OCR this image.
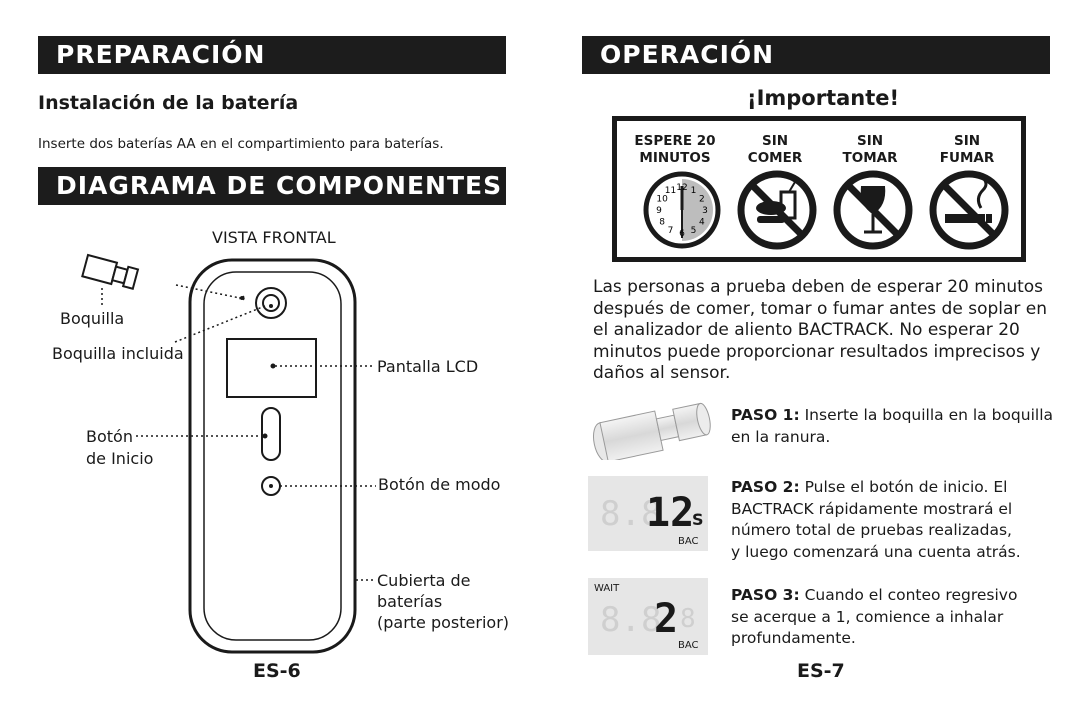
PREPARACIÓN
Instalación de la batería
Inserte dos baterías AA en el compartimiento para baterías.
DIAGRAMA DE COMPONENTES
VISTA FRONTAL
Boquilla
Boquilla incluida
Pantalla LCD
Botón
de Inicio
Botón de modo
Cubierta de
baterías
(parte posterior)
ES-6
OPERACIÓN
¡Importante!
ESPERE 20
MINUTOS
SIN
COMER
SIN
TOMAR
SIN
FUMAR
12 1
2
3
4
5
6
7
8
9
10
11
Las personas a prueba deben de esperar 20 minutos
después de comer, tomar o fumar antes de soplar en
el analizador de aliento BACTRACK. No esperar 20
minutos puede proporcionar resultados imprecisos y
daños al sensor.
PASO 1: Inserte la boquilla en la boquilla
en la ranura.
8.8
12
S
BAC
PASO 2: Pulse el botón de inicio. El
BACTRACK rápidamente mostrará el
número total de pruebas realizadas,
y luego comenzará una cuenta atrás.
WAIT
8.8
2 8
BAC
PASO 3: Cuando el conteo regresivo
se acerque a 1, comience a inhalar
profundamente.
ES-7
